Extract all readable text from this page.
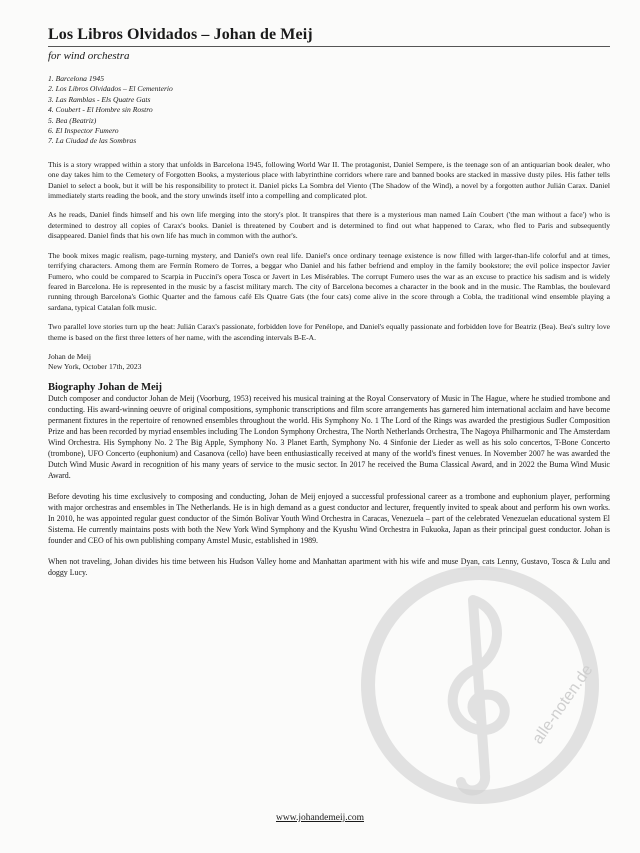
Los Libros Olvidados – Johan de Meij
for wind orchestra
1. Barcelona 1945
2. Los Libros Olvidados – El Cementerio
3. Las Ramblas - Els Quatre Gats
4. Coubert - El Hombre sin Rostro
5. Bea (Beatriz)
6. El Inspector Fumero
7. La Ciudad de las Sombras

This is a story wrapped within a story that unfolds in Barcelona 1945, following World War II. The protagonist, Daniel Sempere, is the teenage son of an antiquarian book dealer, who one day takes him to the Cemetery of Forgotten Books, a mysterious place with labyrinthine corridors where rare and banned books are stacked in massive dusty piles. His father tells Daniel to select a book, but it will be his responsibility to protect it. Daniel picks La Sombra del Viento (The Shadow of the Wind), a novel by a forgotten author Julián Carax. Daniel immediately starts reading the book, and the story unwinds itself into a compelling and complicated plot.

As he reads, Daniel finds himself and his own life merging into the story's plot. It transpires that there is a mysterious man named Laín Coubert ('the man without a face') who is determined to destroy all copies of Carax's books. Daniel is threatened by Coubert and is determined to find out what happened to Carax, who fled to Paris and subsequently disappeared. Daniel finds that his own life has much in common with the author's.

The book mixes magic realism, page-turning mystery, and Daniel's own real life. Daniel's once ordinary teenage existence is now filled with larger-than-life colorful and at times, terrifying characters. Among them are Fermín Romero de Torres, a beggar who Daniel and his father befriend and employ in the family bookstore; the evil police inspector Javier Fumero, who could be compared to Scarpia in Puccini's opera Tosca or Javert in Les Misérables. The corrupt Fumero uses the war as an excuse to practice his sadism and is widely feared in Barcelona. He is represented in the music by a fascist military march. The city of Barcelona becomes a character in the book and in the music. The Ramblas, the boulevard running through Barcelona's Gothic Quarter and the famous café Els Quatre Gats (the four cats) come alive in the score through a Cobla, the traditional wind ensemble playing a sardana, typical Catalan folk music.

Two parallel love stories turn up the heat: Julián Carax's passionate, forbidden love for Penélope, and Daniel's equally passionate and forbidden love for Beatriz (Bea). Bea's sultry love theme is based on the first three letters of her name, with the ascending intervals B-E-A.

Johan de Meij
New York, October 17th, 2023
Biography Johan de Meij

Dutch composer and conductor Johan de Meij (Voorburg, 1953) received his musical training at the Royal Conservatory of Music in The Hague, where he studied trombone and conducting. His award-winning oeuvre of original compositions, symphonic transcriptions and film score arrangements has garnered him international acclaim and have become permanent fixtures in the repertoire of renowned ensembles throughout the world. His Symphony No. 1 The Lord of the Rings was awarded the prestigious Sudler Composition Prize and has been recorded by myriad ensembles including The London Symphony Orchestra, The North Netherlands Orchestra, The Nagoya Philharmonic and The Amsterdam Wind Orchestra. His Symphony No. 2 The Big Apple, Symphony No. 3 Planet Earth, Symphony No. 4 Sinfonie der Lieder as well as his solo concertos, T-Bone Concerto (trombone), UFO Concerto (euphonium) and Casanova (cello) have been enthusiastically received at many of the world's finest venues. In November 2007 he was awarded the Dutch Wind Music Award in recognition of his many years of service to the music sector. In 2017 he received the Buma Classical Award, and in 2022 the Buma Wind Music Award.

Before devoting his time exclusively to composing and conducting, Johan de Meij enjoyed a successful professional career as a trombone and euphonium player, performing with major orchestras and ensembles in The Netherlands. He is in high demand as a guest conductor and lecturer, frequently invited to speak about and perform his own works. In 2010, he was appointed regular guest conductor of the Simón Bolívar Youth Wind Orchestra in Caracas, Venezuela – part of the celebrated Venezuelan educational system El Sistema. He currently maintains posts with both the New York Wind Symphony and the Kyushu Wind Orchestra in Fukuoka, Japan as their principal guest conductor. Johan is founder and CEO of his own publishing company Amstel Music, established in 1989.

When not traveling, Johan divides his time between his Hudson Valley home and Manhattan apartment with his wife and muse Dyan, cats Lenny, Gustavo, Tosca & Lulu and doggy Lucy.

alle-noten.de
www.johandemeij.com
